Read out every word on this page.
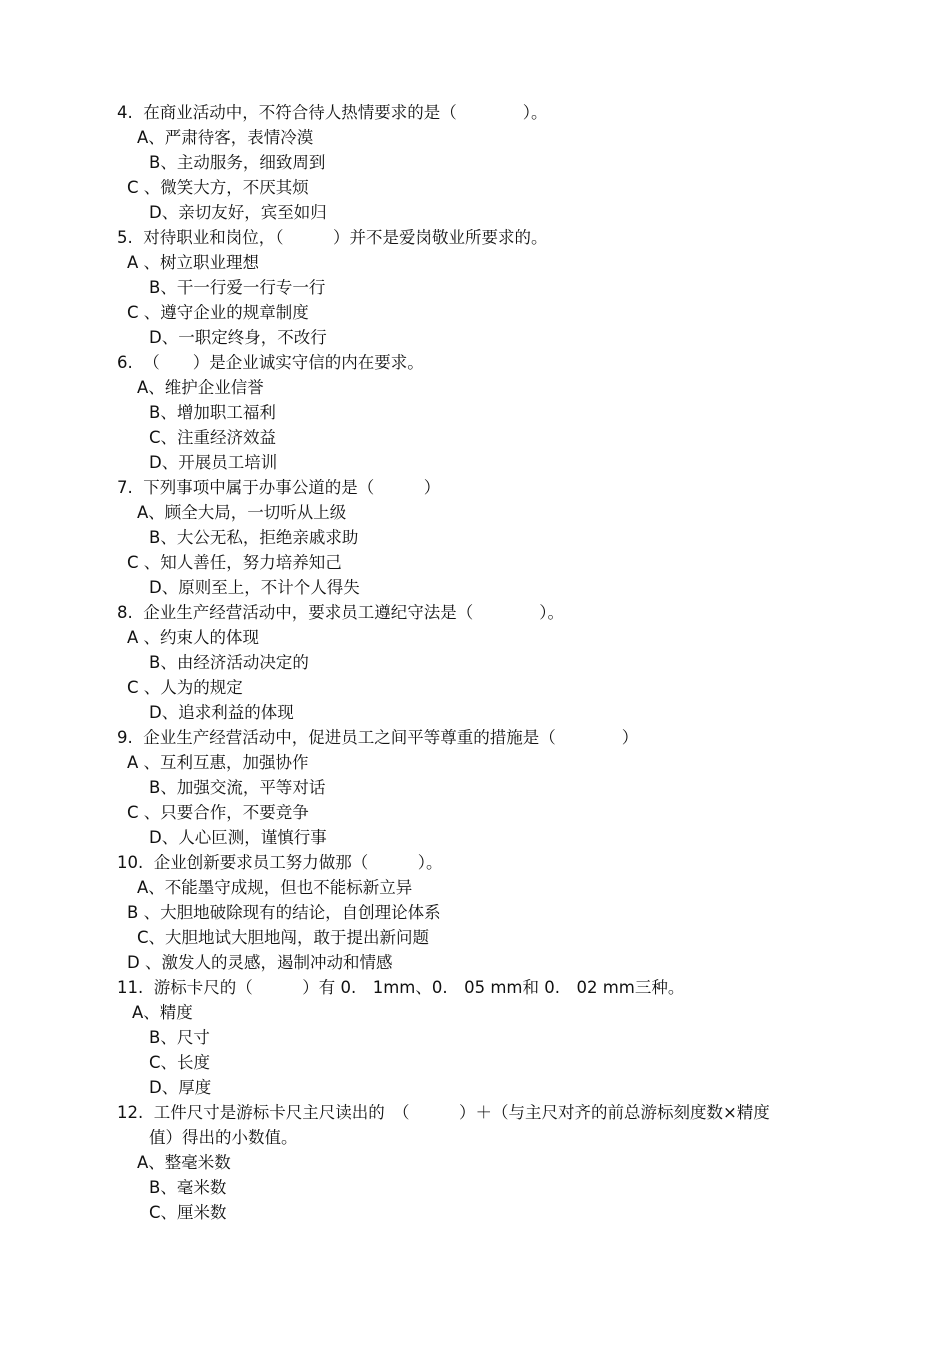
4.  在商业活动中，不符合待人热情要求的是（　　　　）。
A、严肃待客，表情冷漠
B、主动服务，细致周到
C 、微笑大方，不厌其烦
D、亲切友好，宾至如归
5.  对待职业和岗位，（　　　）并不是爱岗敬业所要求的。
A 、树立职业理想
B、干一行爱一行专一行
C 、遵守企业的规章制度
D、一职定终身，不改行
6.  （　　）是企业诚实守信的内在要求。
A、维护企业信誉
B、增加职工福利
C、注重经济效益
D、开展员工培训
7.  下列事项中属于办事公道的是（　　　）
A、顾全大局，一切听从上级
B、大公无私，拒绝亲戚求助
C 、知人善任，努力培养知己
D、原则至上，不计个人得失
8.  企业生产经营活动中，要求员工遵纪守法是（　　　　）。
A 、约束人的体现
B、由经济活动决定的
C 、人为的规定
D、追求利益的体现
9.  企业生产经营活动中，促进员工之间平等尊重的措施是（　　　　）
A 、互利互惠，加强协作
B、加强交流，平等对话
C 、只要合作，不要竞争
D、人心叵测，谨慎行事
10.  企业创新要求员工努力做那（　　　）。
A、不能墨守成规，但也不能标新立异
B 、大胆地破除现有的结论，自创理论体系
C、大胆地试大胆地闯，敢于提出新问题
D 、激发人的灵感，遏制冲动和情感
11.  游标卡尺的（　　　）有 0.　1mm、0.　05 mm和 0.　02 mm三种。
A、精度
B、尺寸
C、长度
D、厚度
12.  工件尺寸是游标卡尺主尺读出的　（　　　）＋（与主尺对齐的前总游标刻度数×精度
值）得出的小数值。
A、整毫米数
B、毫米数
C、厘米数
